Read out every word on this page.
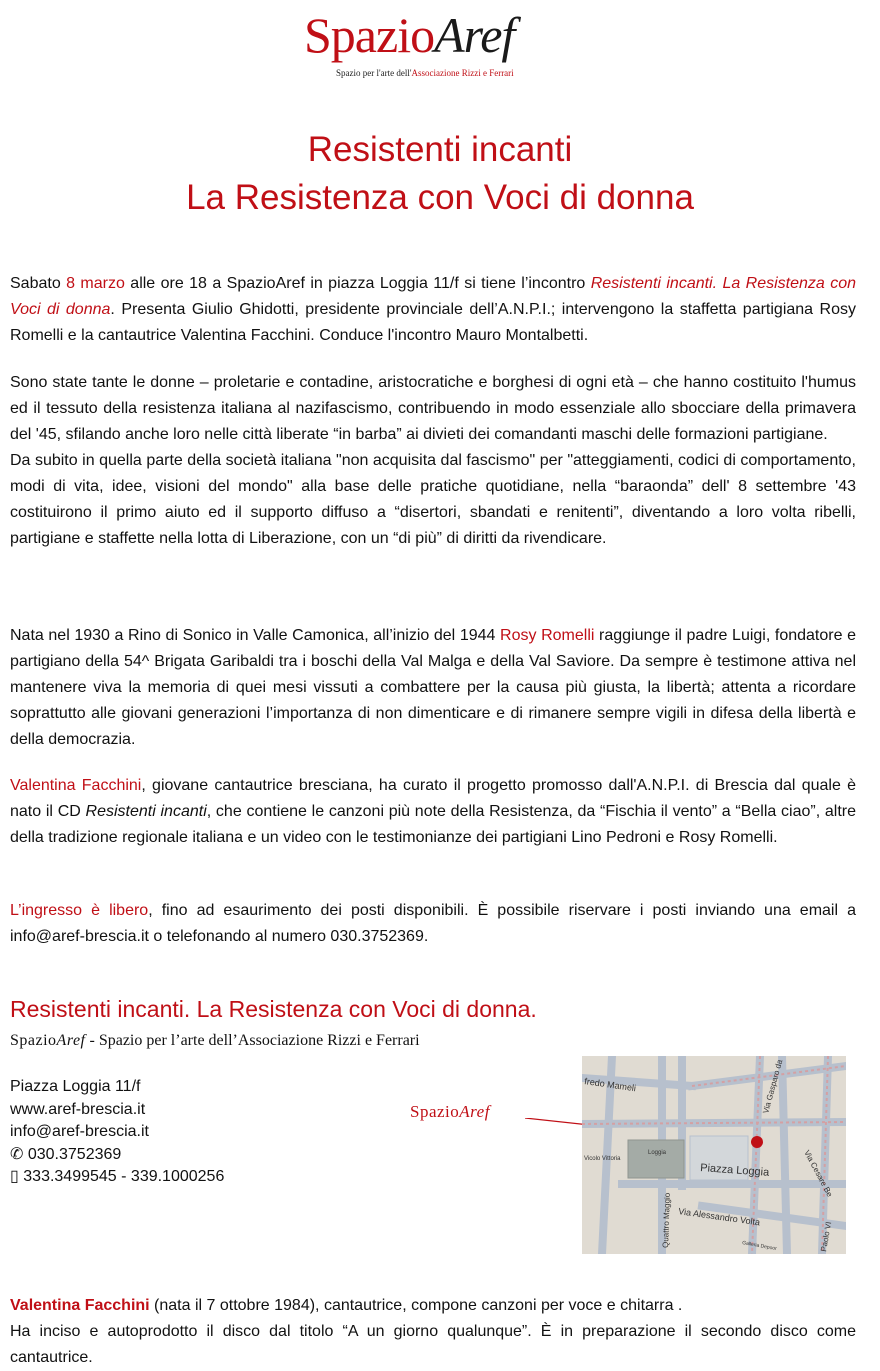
SpazioAref
Spazio per l'arte dell'Associazione Rizzi e Ferrari
Resistenti incanti
La Resistenza con Voci di donna

Sabato 8 marzo alle ore 18 a SpazioAref in piazza Loggia 11/f si tiene l’incontro Resistenti incanti. La Resistenza con Voci di donna. Presenta Giulio Ghidotti, presidente provinciale dell’A.N.P.I.; intervengono la staffetta partigiana Rosy Romelli e la cantautrice Valentina Facchini. Conduce l'incontro Mauro Montalbetti.

Sono state tante le donne – proletarie e contadine, aristocratiche e borghesi di ogni età – che hanno costituito l'humus ed il tessuto della resistenza italiana al nazifascismo, contribuendo in modo essenziale allo sbocciare della primavera del '45, sfilando anche loro nelle città liberate “in barba” ai divieti dei comandanti maschi delle formazioni partigiane.

Da subito in quella parte della società italiana "non acquisita dal fascismo" per "atteggiamenti, codici di comportamento, modi di vita, idee, visioni del mondo" alla base delle pratiche quotidiane, nella “baraonda” dell' 8 settembre '43 costituirono il primo aiuto ed il supporto diffuso a “disertori, sbandati e renitenti”, diventando a loro volta ribelli, partigiane e staffette nella lotta di Liberazione, con un “di più” di diritti da rivendicare.

Nata nel 1930 a Rino di Sonico in Valle Camonica, all’inizio del 1944 Rosy Romelli raggiunge il padre Luigi, fondatore e partigiano della 54^ Brigata Garibaldi tra i boschi della Val Malga e della Val Saviore. Da sempre è testimone attiva nel mantenere viva la memoria di quei mesi vissuti a combattere per la causa più giusta, la libertà; attenta a ricordare soprattutto alle giovani generazioni l’importanza di non dimenticare e di rimanere sempre vigili in difesa della libertà e della democrazia.

Valentina Facchini, giovane cantautrice bresciana, ha curato il progetto promosso dall'A.N.P.I. di Brescia dal quale è nato il CD Resistenti incanti, che contiene le canzoni più note della Resistenza, da “Fischia il vento” a “Bella ciao”, altre della tradizione regionale italiana e un video con le testimonianze dei partigiani Lino Pedroni e Rosy Romelli.

L’ingresso è libero, fino ad esaurimento dei posti disponibili. È possibile riservare i posti inviando una email a info@aref-brescia.it o telefonando al numero 030.3752369.

Resistenti incanti. La Resistenza con Voci di donna.
SpazioAref - Spazio per l’arte dell’Associazione Rizzi e Ferrari
Piazza Loggia 11/f
www.aref-brescia.it
info@aref-brescia.it
✆ 030.3752369
▯ 333.3499545 - 339.1000256
SpazioAref
fredo Mameli	Via Gasparo da
Loggia
Piazza Loggia	Via Cesare Be
Vicolo Vittoria
Quattro Maggio Via Alessandro Volta
Paolo VI
Galleria Depoor

Valentina Facchini (nata il 7 ottobre 1984), cantautrice, compone canzoni per voce e chitarra .

Ha inciso e autoprodotto il disco dal titolo “A un giorno qualunque”. È in preparazione il secondo disco come cantautrice.
